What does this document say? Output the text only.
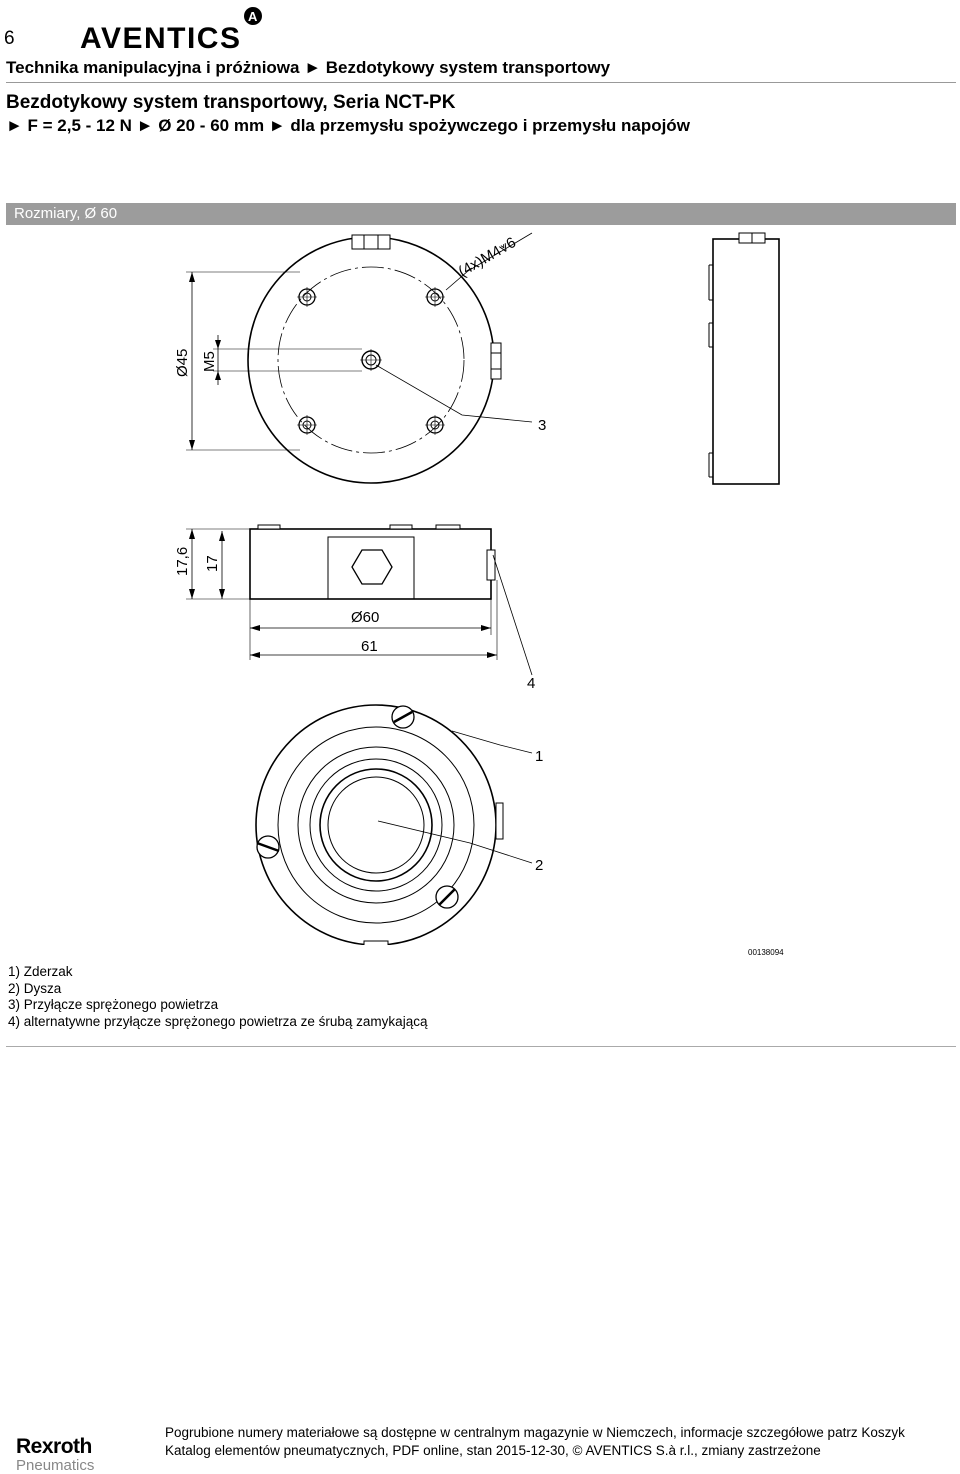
6 AVENTICS
A
Technika manipulacyjna i próżniowa ► Bezdotykowy system transportowy
Bezdotykowy system transportowy, Seria NCT-PK
► F = 2,5 - 12 N ► Ø 20 - 60 mm ► dla przemysłu spożywczego i przemysłu napojów
Rozmiary, Ø 60
Ø45 M5
(4x)M4⩔6
3
17,6 17
Ø60
61
4
1
2
00138094
1) Zderzak
2) Dysza
3) Przyłącze sprężonego powietrza
4) alternatywne przyłącze sprężonego powietrza ze śrubą zamykającą
Rexroth
Pneumatics
Pogrubione numery materiałowe są dostępne w centralnym magazynie w Niemczech, informacje szczegółowe patrz Koszyk
Katalog elementów pneumatycznych, PDF online, stan 2015-12-30, © AVENTICS S.à r.l., zmiany zastrzeżone
